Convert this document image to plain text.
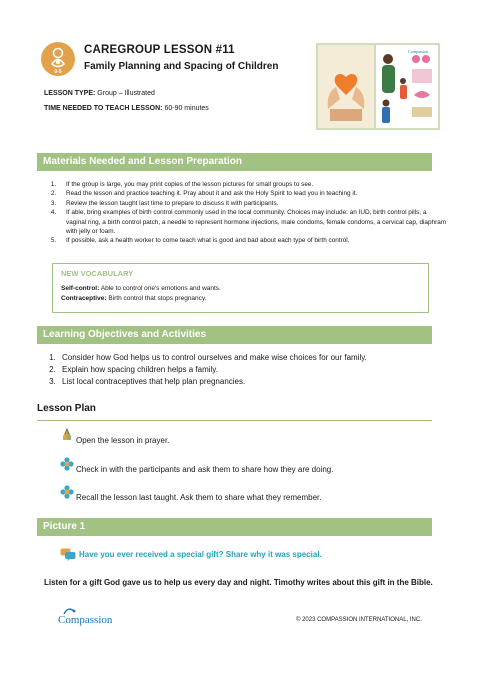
0-5
CAREGROUP LESSON #11
Family Planning and Spacing of Children
Compassion
LESSON TYPE: Group – Illustrated
TIME NEEDED TO TEACH LESSON: 60-90 minutes
Materials Needed and Lesson Preparation
1. If the group is large, you may print copies of the lesson pictures for small groups to see.
2. Read the lesson and practice teaching it. Pray about it and ask the Holy Spirit to lead you in teaching it.
3. Review the lesson taught last time to prepare to discuss it with participants.
4. If able, bring examples of birth control commonly used in the local community. Choices may include: an IUD, birth control pills, a vaginal ring, a birth control patch, a needle to represent hormone injections, male condoms, female condoms, a cervical cap, diaphram with jelly or foam.
5. If possible, ask a health worker to come teach what is good and bad about each type of birth control.
NEW VOCABULARY
Self-control: Able to control one's emotions and wants.
Contraceptive: Birth control that stops pregnancy.
Learning Objectives and Activities
1. Consider how God helps us to control ourselves and make wise choices for our family.
2. Explain how spacing children helps a family.
3. List local contraceptives that help plan pregnancies.
Lesson Plan
Open the lesson in prayer.
Check in with the participants and ask them to share how they are doing.
Recall the lesson last taught. Ask them to share what they remember.
Picture 1
Have you ever received a special gift? Share why it was special.
Listen for a gift God gave us to help us every day and night. Timothy writes about this gift in the Bible.
Compassion	© 2023 COMPASSION INTERNATIONAL, INC.
